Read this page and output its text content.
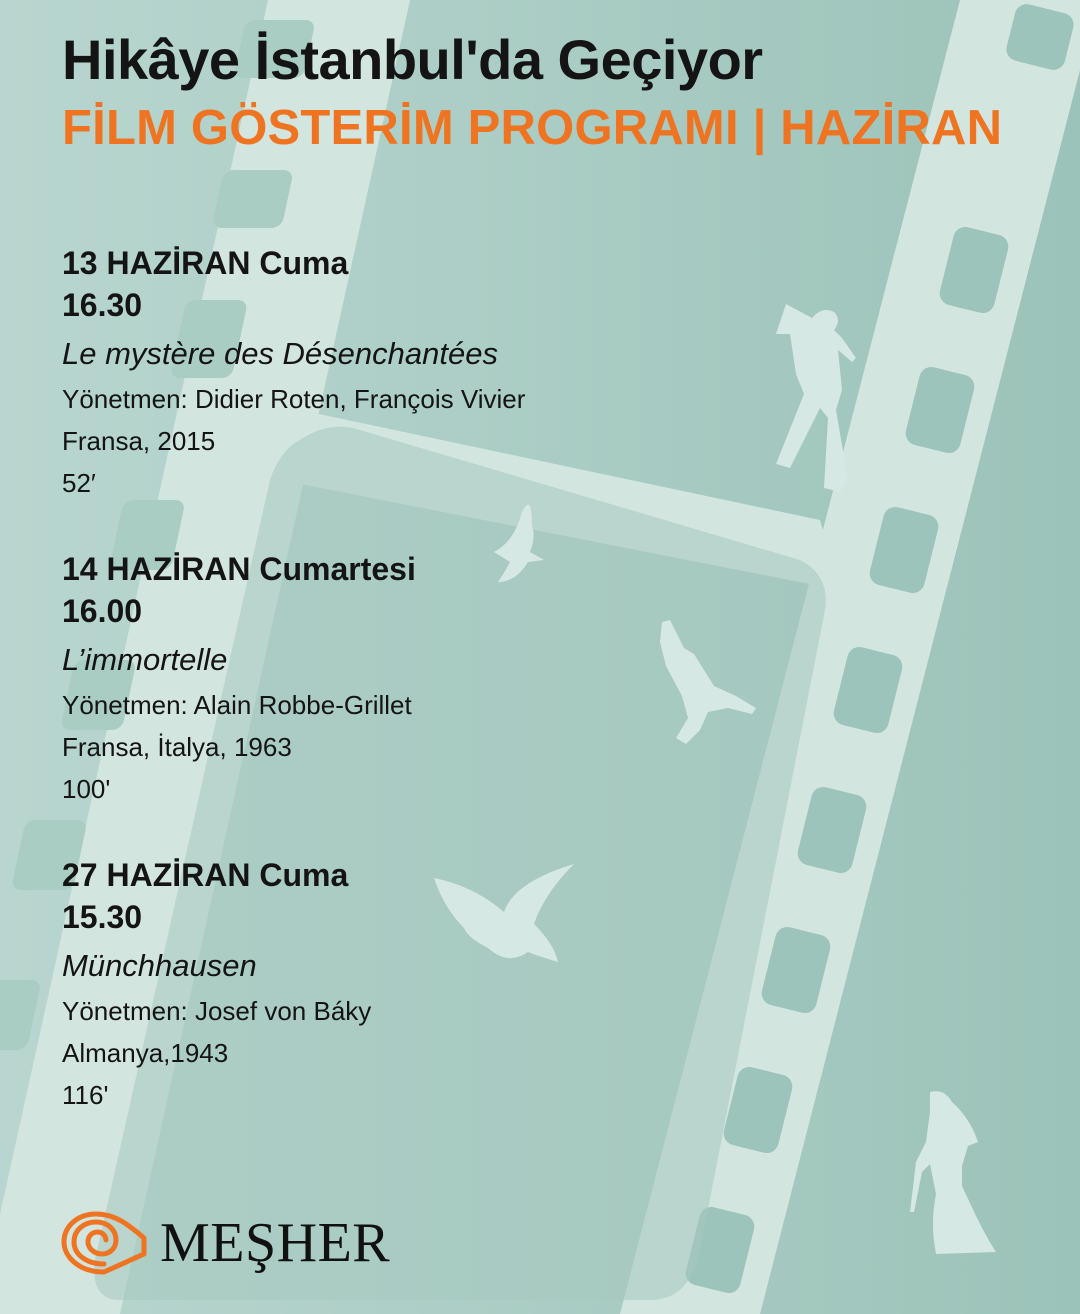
Hikâye İstanbul'da Geçiyor
FİLM GÖSTERİM PROGRAMI | HAZİRAN
13 HAZİRAN Cuma
16.30
Le mystère des Désenchantées
Yönetmen: Didier Roten, François Vivier
Fransa, 2015
52′
14 HAZİRAN Cumartesi
16.00
L’immortelle
Yönetmen: Alain Robbe-Grillet
Fransa, İtalya, 1963
100'
27 HAZİRAN Cuma
15.30
Münchhausen
Yönetmen: Josef von Báky
Almanya,1943
116'
MEŞHER
